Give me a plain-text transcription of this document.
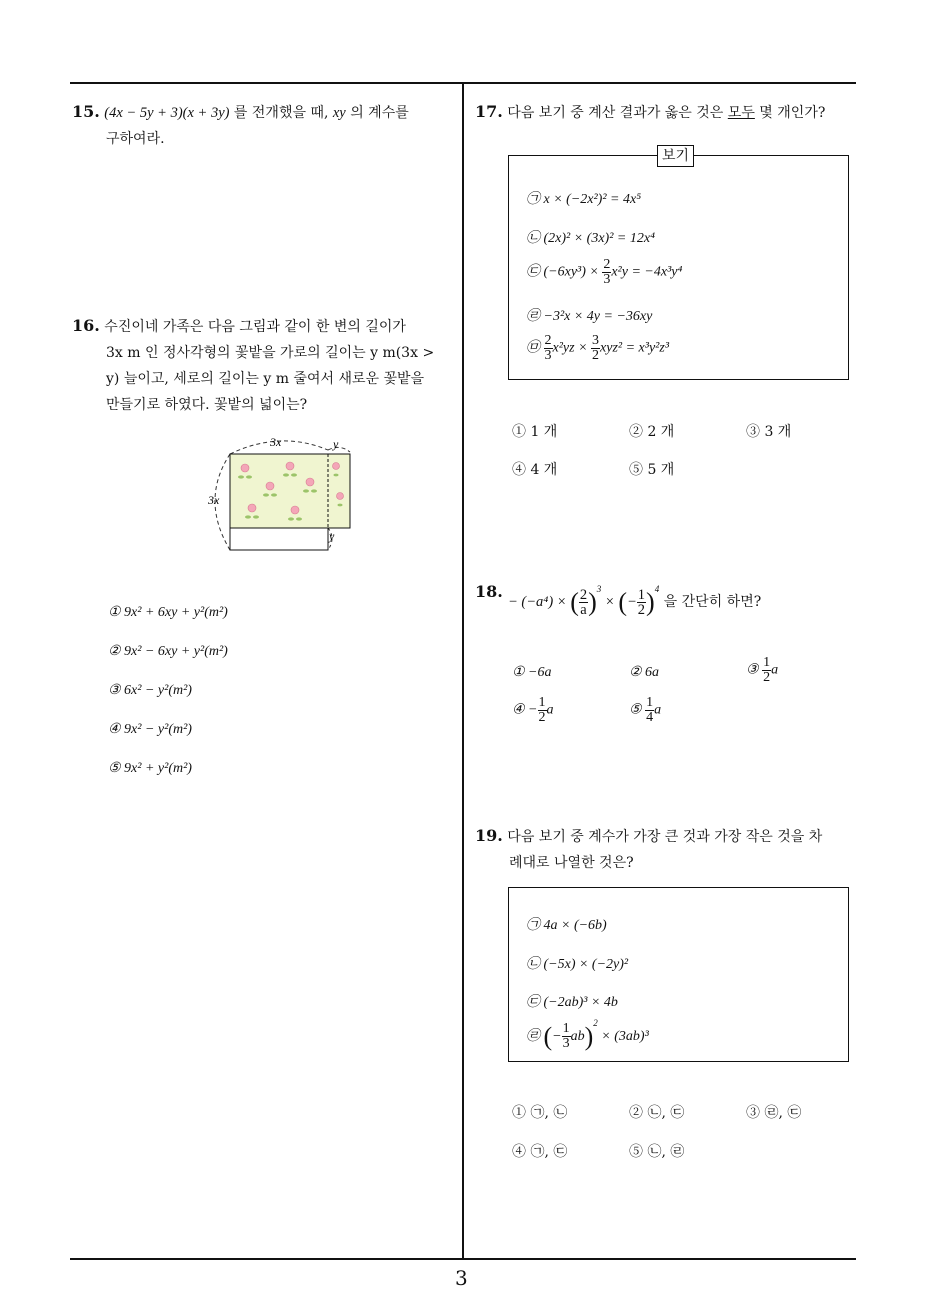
3
15. (4x − 5y + 3)(x + 3y) 를 전개했을 때, xy 의 계수를
구하여라.
16. 수진이네 가족은 다음 그림과 같이 한 변의 길이가
3x m 인 정사각형의 꽃밭을 가로의 길이는 y m(3x >
y) 늘이고, 세로의 길이는 y m 줄여서 새로운 꽃밭을
만들기로 하였다. 꽃밭의 넓이는?
3x	y
3x
y
① 9x² + 6xy + y²(m²)
② 9x² − 6xy + y²(m²)
③ 6x² − y²(m²)
④ 9x² − y²(m²)
⑤ 9x² + y²(m²)
17. 다음 보기 중 계산 결과가 옳은 것은 모두 몇 개인가?
보기
㉠ x × (−2x²)² = 4x⁵
㉡ (2x)² × (3x)² = 12x⁴
㉢ $(-6xy^3) \times \frac{2}{3} x^2y = -4x^3y^4$
㉣ −3²x × 4y = −36xy
㉤ $\frac{2}{3} x^2yz \times \frac{3}{2} xyz^2 = x^3y^2z^3$
① 1 개	② 2 개	③ 3 개
④ 4 개	⑤ 5 개
18.
− (−a⁴) × ( $\frac{2}{a} )^3$ × (− $\frac{1}{2} )^4$ 을 간단히 하면?
① −6a	② 6a	③ $\frac{1}{2}$ a
④ − $\frac{1}{2}$ a	⑤ $\frac{1}{4}$ a
19. 다음 보기 중 계수가 가장 큰 것과 가장 작은 것을 차
례대로 나열한 것은?
㉠ 4a × (−6b)
㉡ (−5x) × (−2y)²
㉢ (−2ab)³ × 4b
㉣ (− $\frac{1}{3} ab)^2 \times (3ab)^3$
① ㉠, ㉡	② ㉡, ㉢	③ ㉣, ㉢
④ ㉠, ㉢	⑤ ㉡, ㉣
